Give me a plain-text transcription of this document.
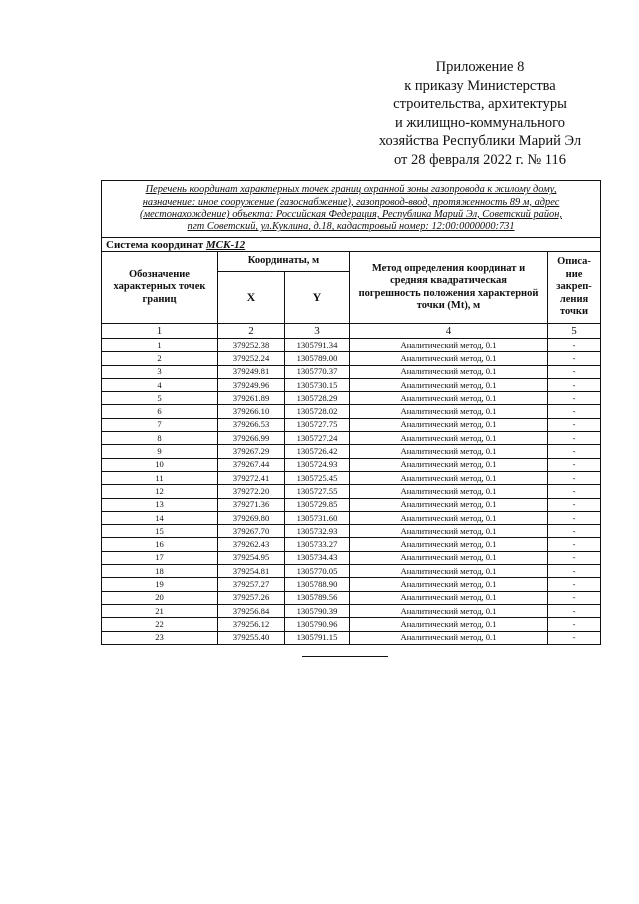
Приложение 8
к приказу Министерства
строительства, архитектуры
и жилищно-коммунального
хозяйства Республики Марий Эл
от 28 февраля 2022 г. № 116
Перечень координат характерных точек границ охранной зоны газопровода к жилому дому,
назначение: иное сооружение (газоснабжение), газопровод-ввод, протяженность 89 м, адрес
(местонахождение) объекта: Российская Федерация, Республика Марий Эл, Советский район,
пгт Советский, ул.Куклина, д.18, кадастровый номер: 12:00:0000000:731				

Система координат МСК-12				
Обозначение характерных точек границ	Координаты, м		Метод определения координат и средняя квадратическая погрешность положения характерной точки (Mt), м	Описа-
ние
закреп-
ления
точки

	X	Y		
1	2	3	4	5
1	379252.38	1305791.34	Аналитический метод, 0.1	-
2	379252.24	1305789.00	Аналитический метод, 0.1	-
3	379249.81	1305770.37	Аналитический метод, 0.1	-
4	379249.96	1305730.15	Аналитический метод, 0.1	-
5	379261.89	1305728.29	Аналитический метод, 0.1	-
6	379266.10	1305728.02	Аналитический метод, 0.1	-
7	379266.53	1305727.75	Аналитический метод, 0.1	-
8	379266.99	1305727.24	Аналитический метод, 0.1	-
9	379267.29	1305726.42	Аналитический метод, 0.1	-
10	379267.44	1305724.93	Аналитический метод, 0.1	-
11	379272.41	1305725.45	Аналитический метод, 0.1	-
12	379272.20	1305727.55	Аналитический метод, 0.1	-
13	379271.36	1305729.85	Аналитический метод, 0.1	-
14	379269.80	1305731.60	Аналитический метод, 0.1	-
15	379267.70	1305732.93	Аналитический метод, 0.1	-
16	379262.43	1305733.27	Аналитический метод, 0.1	-
17	379254.95	1305734.43	Аналитический метод, 0.1	-
18	379254.81	1305770.05	Аналитический метод, 0.1	-
19	379257.27	1305788.90	Аналитический метод, 0.1	-
20	379257.26	1305789.56	Аналитический метод, 0.1	-
21	379256.84	1305790.39	Аналитический метод, 0.1	-
22	379256.12	1305790.96	Аналитический метод, 0.1	-
23	379255.40	1305791.15	Аналитический метод, 0.1	-
